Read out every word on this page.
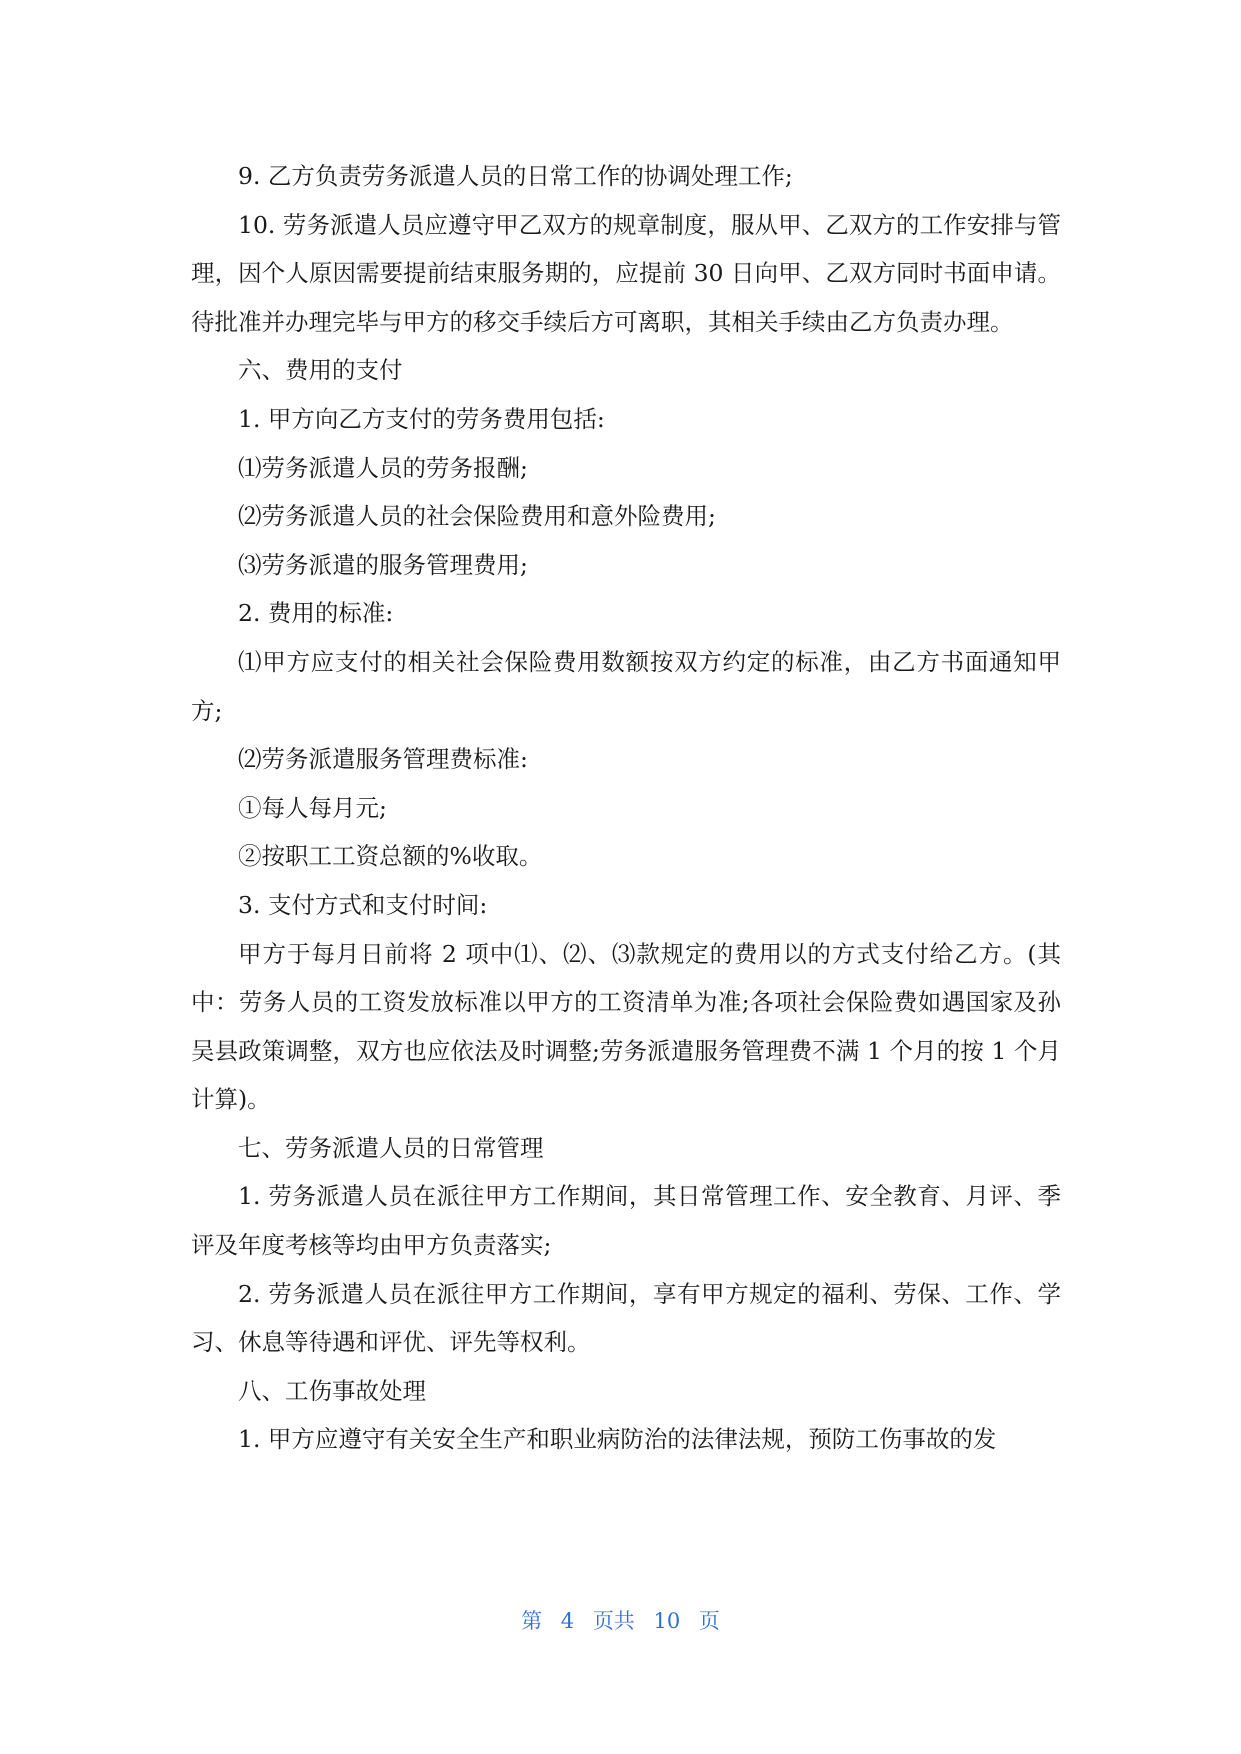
9. 乙方负责劳务派遣人员的日常工作的协调处理工作;

10. 劳务派遣人员应遵守甲乙双方的规章制度，服从甲、乙双方的工作安排与管理，因个人原因需要提前结束服务期的，应提前 30 日向甲、乙双方同时书面申请。待批准并办理完毕与甲方的移交手续后方可离职，其相关手续由乙方负责办理。

六、费用的支付

1. 甲方向乙方支付的劳务费用包括:

⑴劳务派遣人员的劳务报酬;

⑵劳务派遣人员的社会保险费用和意外险费用;

⑶劳务派遣的服务管理费用;

2. 费用的标准:

⑴甲方应支付的相关社会保险费用数额按双方约定的标准，由乙方书面通知甲方;

⑵劳务派遣服务管理费标准:

①每人每月元;

②按职工工资总额的%收取。

3. 支付方式和支付时间:

甲方于每月日前将 2 项中⑴、⑵、⑶款规定的费用以的方式支付给乙方。(其中：劳务人员的工资发放标准以甲方的工资清单为准;各项社会保险费如遇国家及孙吴县政策调整，双方也应依法及时调整;劳务派遣服务管理费不满 1 个月的按 1 个月计算)。

七、劳务派遣人员的日常管理

1. 劳务派遣人员在派往甲方工作期间，其日常管理工作、安全教育、月评、季评及年度考核等均由甲方负责落实;

2. 劳务派遣人员在派往甲方工作期间，享有甲方规定的福利、劳保、工作、学习、休息等待遇和评优、评先等权利。

八、工伤事故处理

1. 甲方应遵守有关安全生产和职业病防治的法律法规，预防工伤事故的发

第 4 页共 10 页
